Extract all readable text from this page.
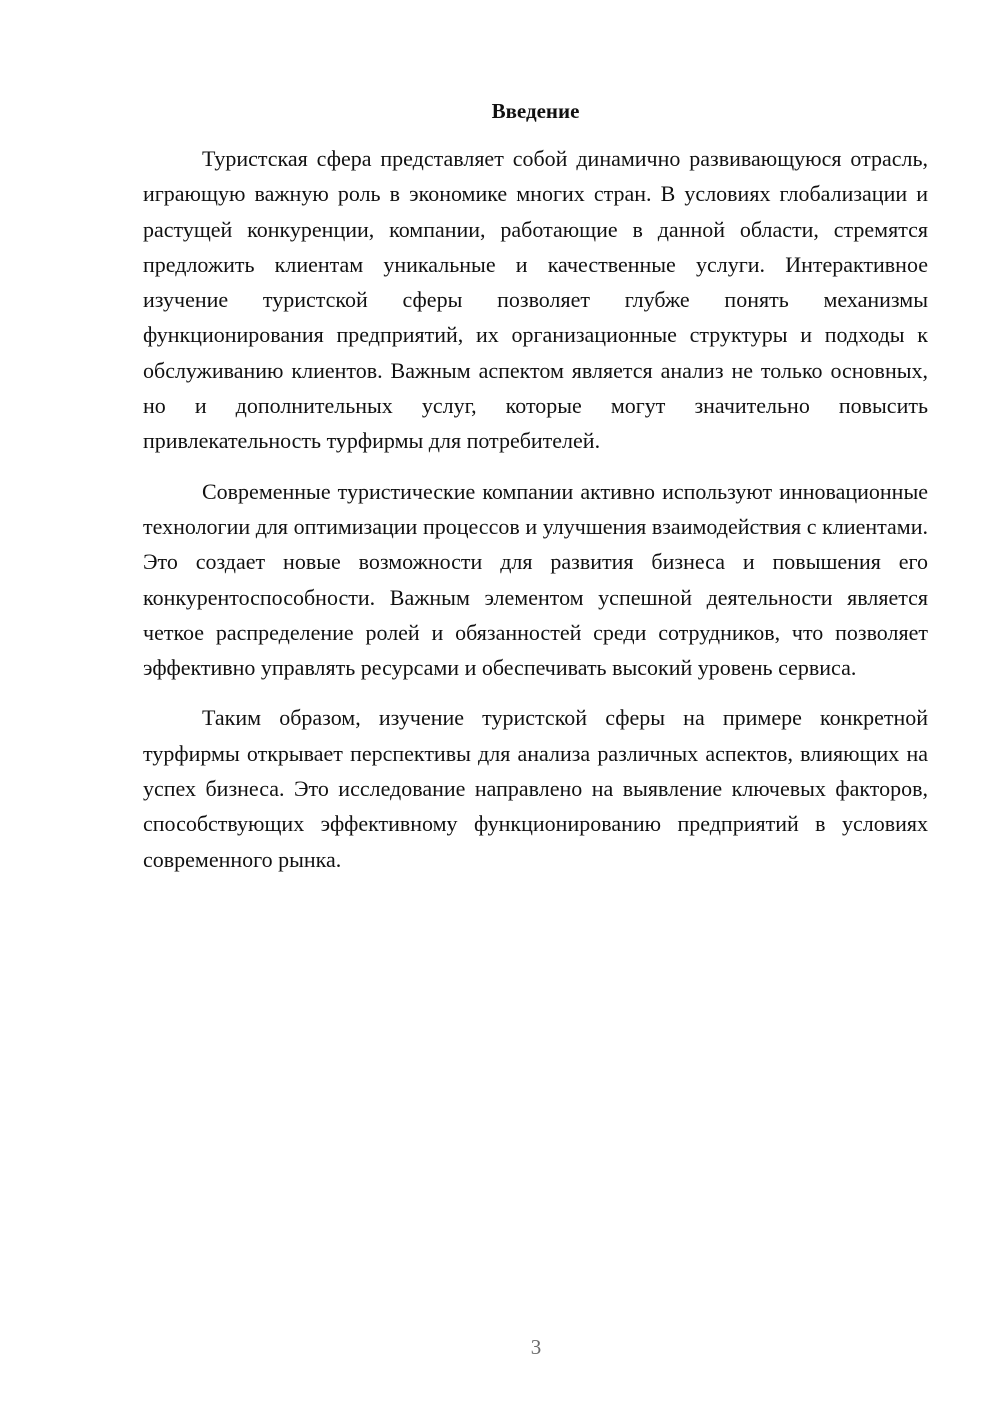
Введение

Туристская сфера представляет собой динамично развивающуюся отрасль, играющую важную роль в экономике многих стран. В условиях глобализации и растущей конкуренции, компании, работающие в данной области, стремятся предложить клиентам уникальные и качественные услуги. Интерактивное изучение туристской сферы позволяет глубже понять механизмы функционирования предприятий, их организационные структуры и подходы к обслуживанию клиентов. Важным аспектом является анализ не только основных, но и дополнительных услуг, которые могут значительно повысить привлекательность турфирмы для потребителей.

Современные туристические компании активно используют инновационные технологии для оптимизации процессов и улучшения взаимодействия с клиентами. Это создает новые возможности для развития бизнеса и повышения его конкурентоспособности. Важным элементом успешной деятельности является четкое распределение ролей и обязанностей среди сотрудников, что позволяет эффективно управлять ресурсами и обеспечивать высокий уровень сервиса.

Таким образом, изучение туристской сферы на примере конкретной турфирмы открывает перспективы для анализа различных аспектов, влияющих на успех бизнеса. Это исследование направлено на выявление ключевых факторов, способствующих эффективному функционированию предприятий в условиях современного рынка.

3
